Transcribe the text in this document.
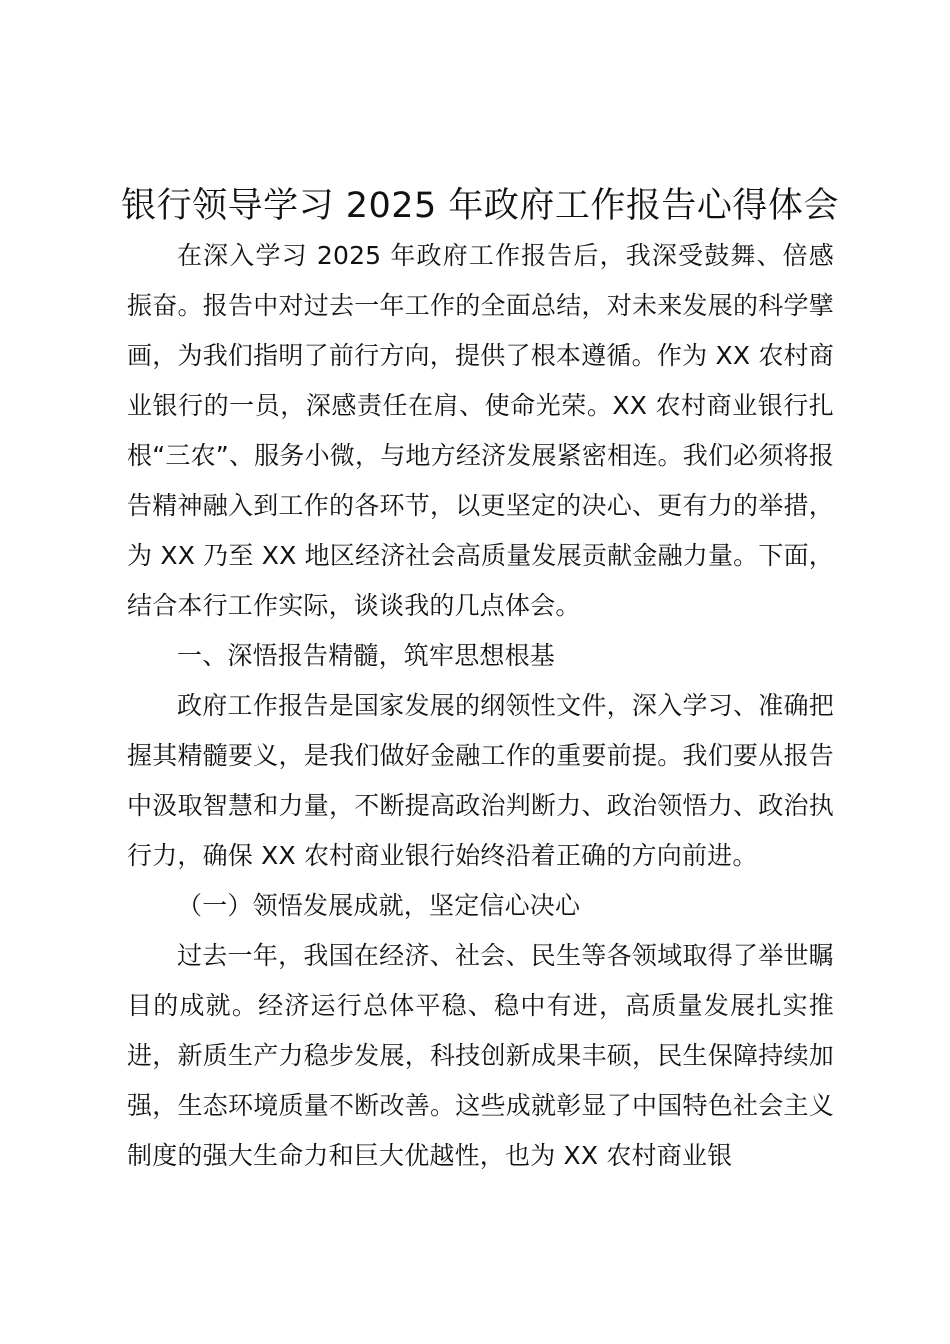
银行领导学习 2025 年政府工作报告心得体会

在深入学习 2025 年政府工作报告后，我深受鼓舞、倍感振奋。报告中对过去一年工作的全面总结，对未来发展的科学擘画，为我们指明了前行方向，提供了根本遵循。作为 XX 农村商业银行的一员，深感责任在肩、使命光荣。XX 农村商业银行扎根“三农”、服务小微，与地方经济发展紧密相连。我们必须将报告精神融入到工作的各环节，以更坚定的决心、更有力的举措，为 XX 乃至 XX 地区经济社会高质量发展贡献金融力量。下面，结合本行工作实际，谈谈我的几点体会。

一、深悟报告精髓，筑牢思想根基

政府工作报告是国家发展的纲领性文件，深入学习、准确把握其精髓要义，是我们做好金融工作的重要前提。我们要从报告中汲取智慧和力量，不断提高政治判断力、政治领悟力、政治执行力，确保 XX 农村商业银行始终沿着正确的方向前进。

（一）领悟发展成就，坚定信心决心

过去一年，我国在经济、社会、民生等各领域取得了举世瞩目的成就。经济运行总体平稳、稳中有进，高质量发展扎实推进，新质生产力稳步发展，科技创新成果丰硕，民生保障持续加强，生态环境质量不断改善。这些成就彰显了中国特色社会主义制度的强大生命力和巨大优越性，也为 XX 农村商业银
